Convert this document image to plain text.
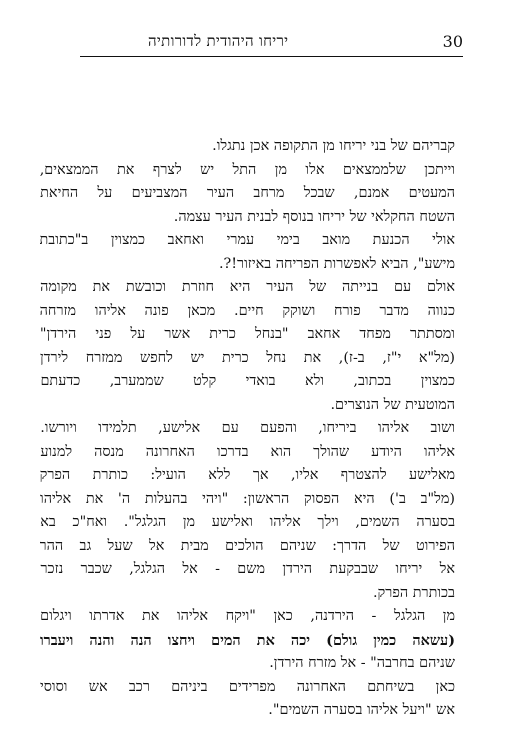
30
יריחו היהודית לדורותיה
קבריהם של בני יריחו מן התקופה אכן נתגלו.
וייתכן שלממצאים אלו מן התל יש לצרף את הממצאים,
המעטים אמנם, שבכל מרחב העיר המצביעים על החיאת
השטח החקלאי של יריחו בנוסף לבנית העיר עצמה.
אולי הכנעת מואב בימי עמרי ואחאב כמצוין ב"כתובת
מישע", הביא לאפשרות הפריחה באיזור!?.
אולם עם בנייתה של העיר היא חוזרת וכובשת את מקומה
כנווה מדבר פורח ושוקק חיים. מכאן פונה אליהו מזרחה
ומסתתר מפחד אחאב "בנחל כרית אשר על פני הירדן"
(מל"א י"ז, ב-ז), את נחל כרית יש לחפש ממזרח לירדן
כמצוין בכתוב, ולא בואדי קלט שממערב, כדעתם
המוטעית של הנוצרים.
ושוב אליהו ביריחו, והפעם עם אלישע, תלמידו ויורשו.
אליהו היודע שהולך הוא בדרכו האחרונה מנסה למנוע
מאלישע להצטרף אליו, אך ללא הועיל: כותרת הפרק
(מל"ב ב') היא הפסוק הראשון: "ויהי בהעלות ה' את אליהו
בסערה השמים, וילך אליהו ואלישע מן הגלגל". ואח"כ בא
הפירוט של הדרך: שניהם הולכים מבית אל שעל גב ההר
אל יריחו שבבקעת הירדן משם - אל הגלגל, שכבר נזכר
בכותרת הפרק.
מן הגלגל - הירדנה, כאן "ויקח אליהו את אדרתו ויגלום
(עשאה כמין גולם) יכה את המים ויחצו הנה והנה ויעברו
שניהם בחרבה" - אל מזרח הירדן.
כאן בשיחתם האחרונה מפרידים ביניהם רכב אש וסוסי
אש "ויעל אליהו בסערה השמים".
